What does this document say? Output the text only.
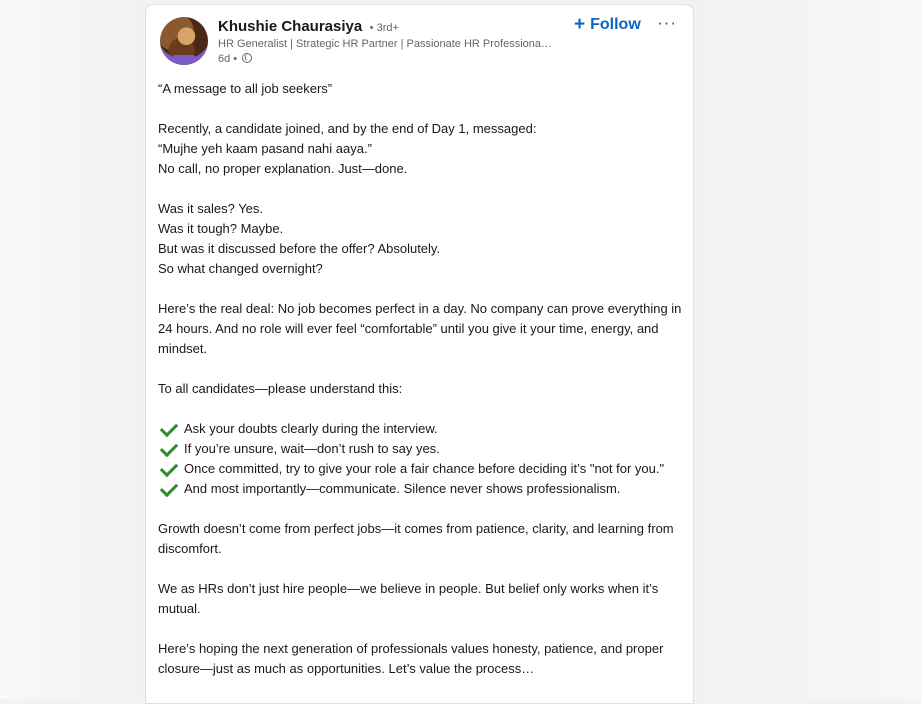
Khushie Chaurasiya • 3rd+
HR Generalist | Strategic HR Partner | Passionate HR Professiona…
6d •
+ Follow ···

“A message to all job seekers”

Recently, a candidate joined, and by the end of Day 1, messaged:
“Mujhe yeh kaam pasand nahi aaya.”
No call, no proper explanation. Just—done.

Was it sales? Yes.
Was it tough? Maybe.
But was it discussed before the offer? Absolutely.
So what changed overnight?

Here’s the real deal: No job becomes perfect in a day. No company can prove everything in 24 hours. And no role will ever feel “comfortable” until you give it your time, energy, and mindset.

To all candidates—please understand this:

Ask your doubts clearly during the interview.
If you’re unsure, wait—don’t rush to say yes.
Once committed, try to give your role a fair chance before deciding it’s "not for you."
And most importantly—communicate. Silence never shows professionalism.

Growth doesn’t come from perfect jobs—it comes from patience, clarity, and learning from discomfort.

We as HRs don’t just hire people—we believe in people. But belief only works when it’s mutual.

Here’s hoping the next generation of professionals values honesty, patience, and proper closure—just as much as opportunities. Let’s value the process…
